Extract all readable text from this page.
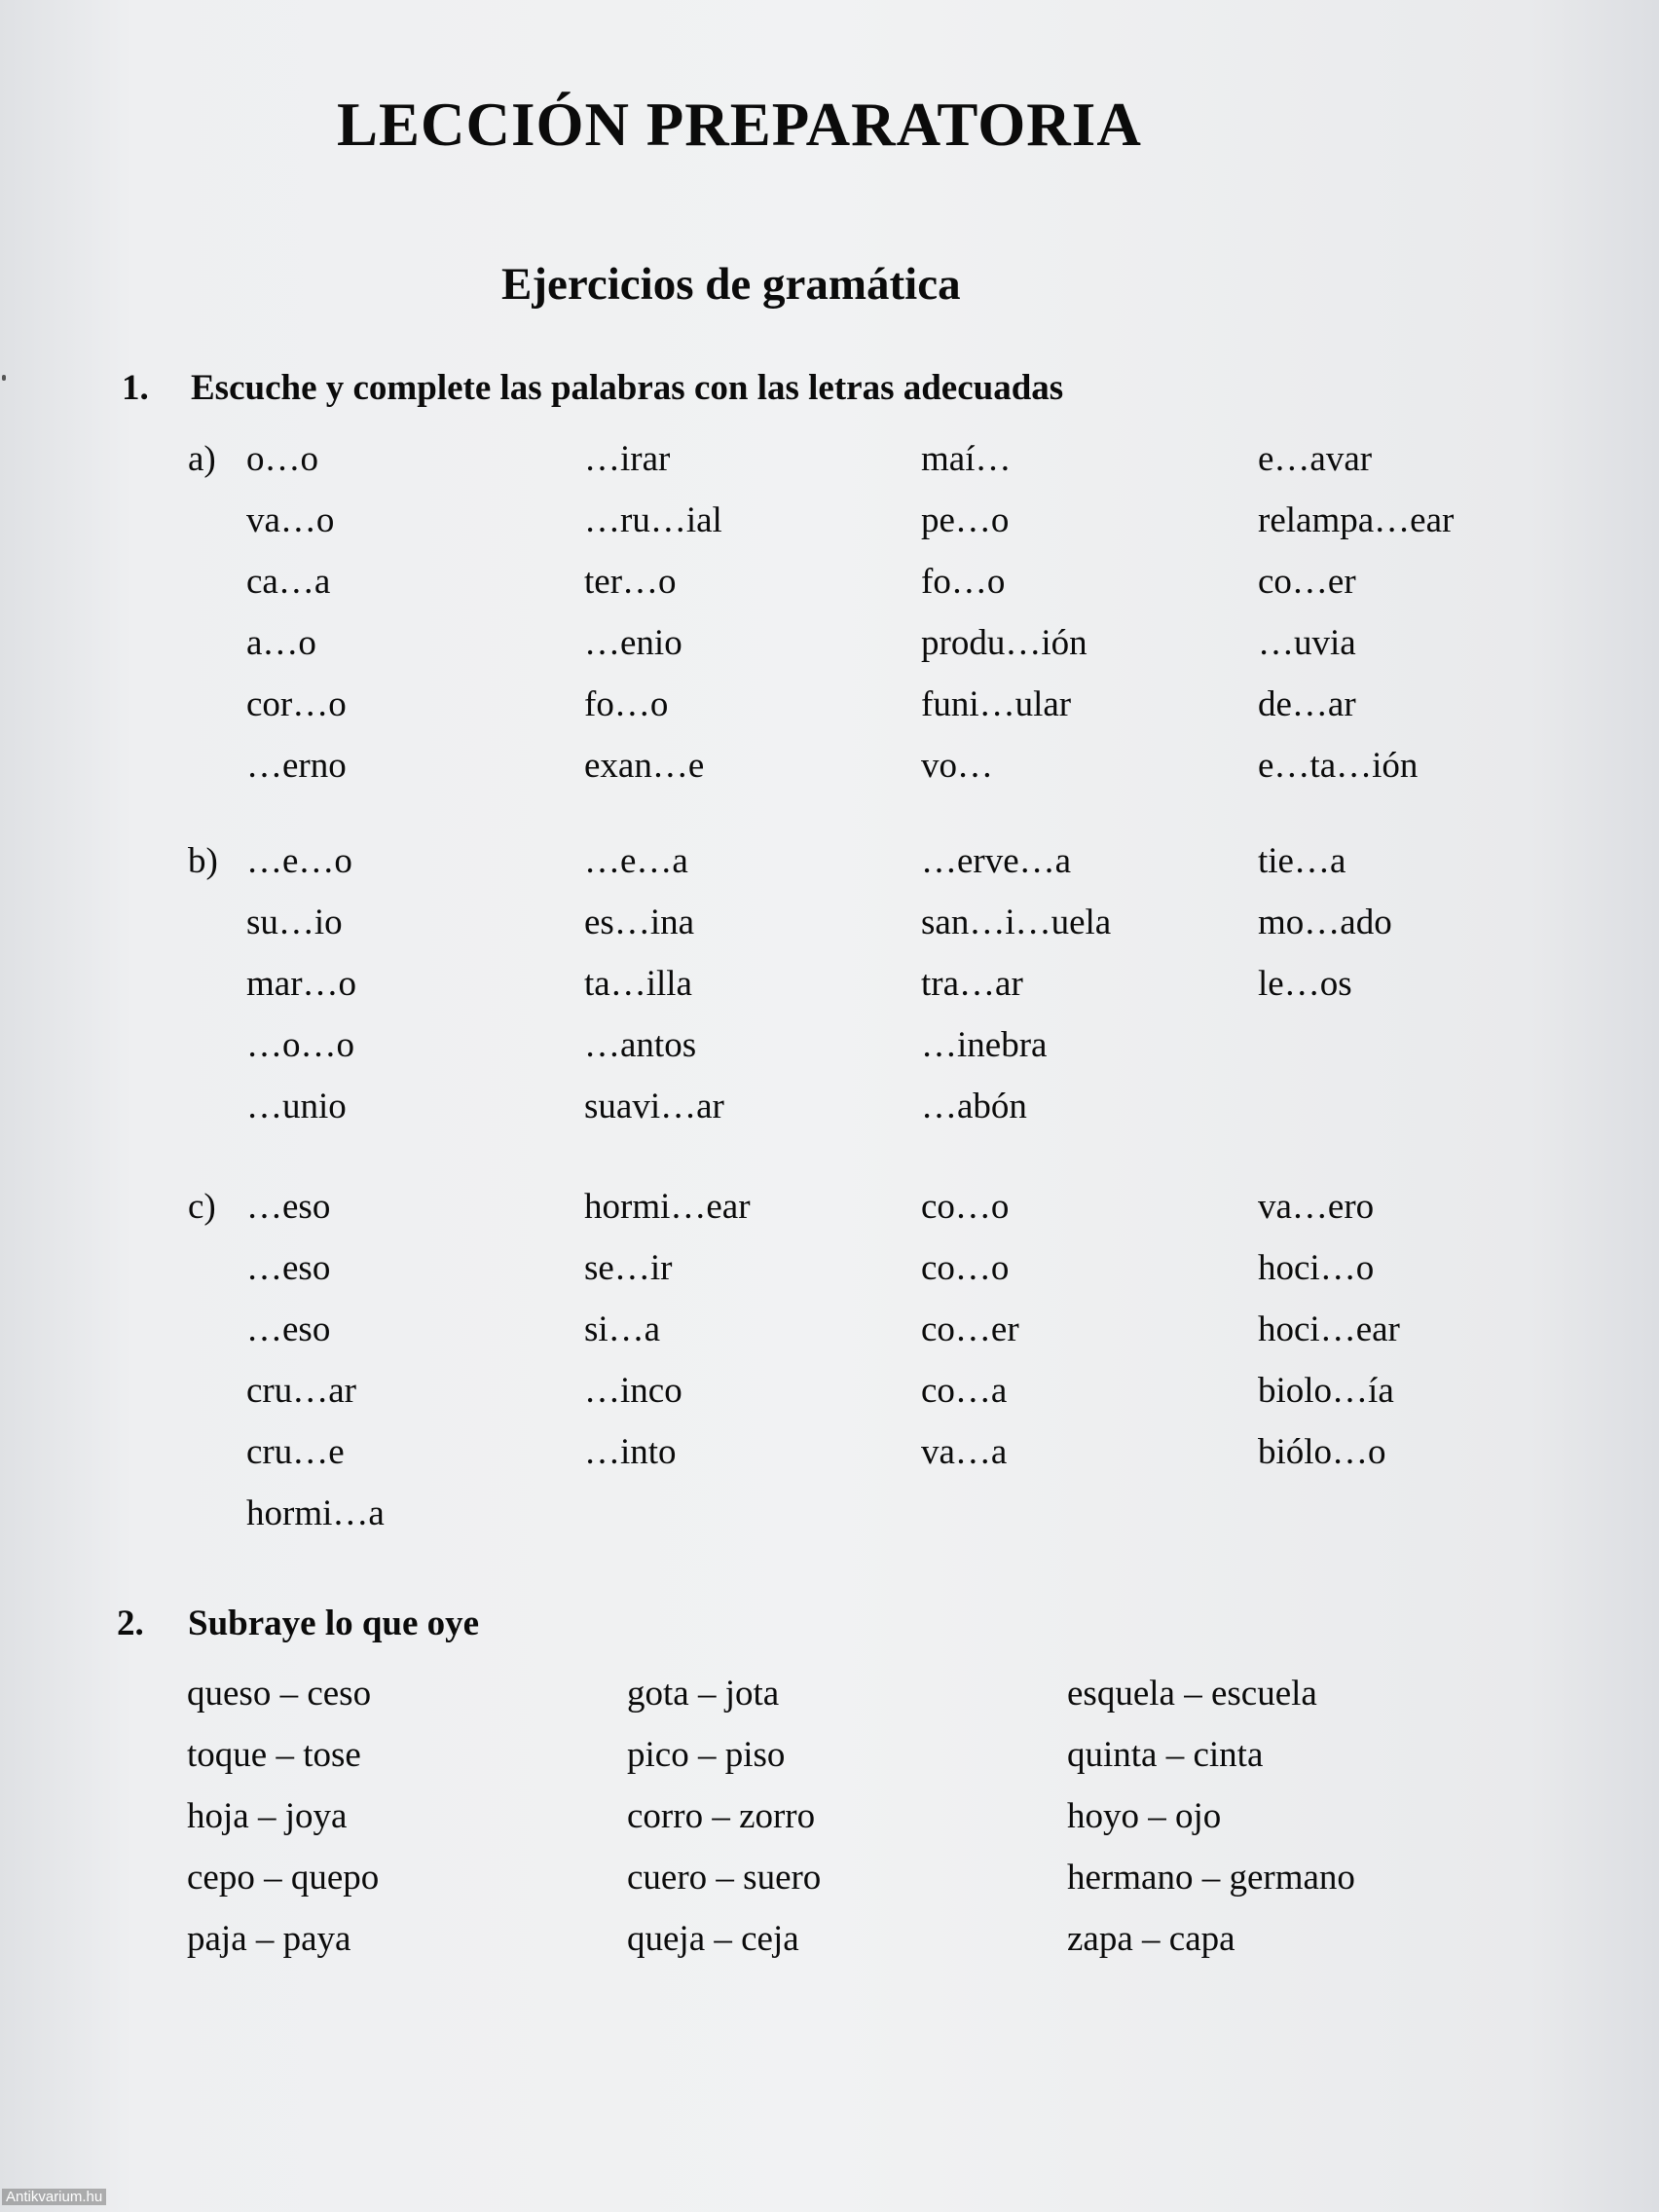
LECCIÓN PREPARATORIA
Ejercicios de gramática
1. Escuche y complete las palabras con las letras adecuadas
a) o…o	…irar	maí…	e…avar
va…o	…ru…ial	pe…o	relampa…ear
ca…a	ter…o	fo…o	co…er
a…o	…enio	produ…ión	…uvia
cor…o	fo…o	funi…ular	de…ar
…erno	exan…e	vo…	e…ta…ión
b) …e…o	…e…a	…erve…a	tie…a
su…io	es…ina	san…i…uela	mo…ado
mar…o	ta…illa	tra…ar	le…os
…o…o	…antos	…inebra
…unio	suavi…ar	…abón
c) …eso	hormi…ear	co…o	va…ero
…eso	se…ir	co…o	hoci…o
…eso	si…a	co…er	hoci…ear
cru…ar	…inco	co…a	biolo…ía
cru…e	…into	va…a	biólo…o
hormi…a
2. Subraye lo que oye
queso – ceso	gota – jota	esquela – escuela
toque – tose	pico – piso	quinta – cinta
hoja – joya	corro – zorro	hoyo – ojo
cepo – quepo	cuero – suero	hermano – germano
paja – paya	queja – ceja	zapa – capa
Antikvarium.hu
